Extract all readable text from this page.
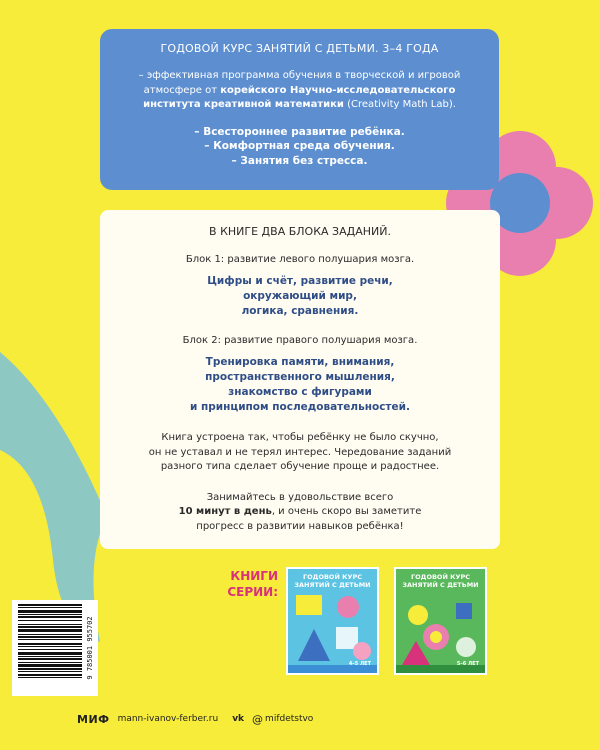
ГОДОВОЙ КУРС ЗАНЯТИЙ С ДЕТЬМИ. 3–4 ГОДА
– эффективная программа обучения в творческой и игровой атмосфере от корейского Научно-исследовательского института креативной математики (Creativity Math Lab).
– Всестороннее развитие ребёнка.
– Комфортная среда обучения.
– Занятия без стресса.
В КНИГЕ ДВА БЛОКА ЗАДАНИЙ.
Блок 1: развитие левого полушария мозга.
Цифры и счёт, развитие речи,
окружающий мир,
логика, сравнения.
Блок 2: развитие правого полушария мозга.
Тренировка памяти, внимания,
пространственного мышления,
знакомство с фигурами
и принципом последовательностей.
Книга устроена так, чтобы ребёнку не было скучно,
он не уставал и не терял интерес. Чередование заданий
разного типа сделает обучение проще и радостнее.
Занимайтесь в удовольствие всего
10 минут в день, и очень скоро вы заметите
прогресс в развитии навыков ребёнка!
КНИГИ
СЕРИИ:
ГОДОВОЙ КУРС
ЗАНЯТИЙ С ДЕТЬМИ
4–5 ЛЕТ
ГОДОВОЙ КУРС
ЗАНЯТИЙ С ДЕТЬМИ
5–6 ЛЕТ
9 785001 955702
МИФ mann-ivanov-ferber.ru vk @ mifdetstvo
